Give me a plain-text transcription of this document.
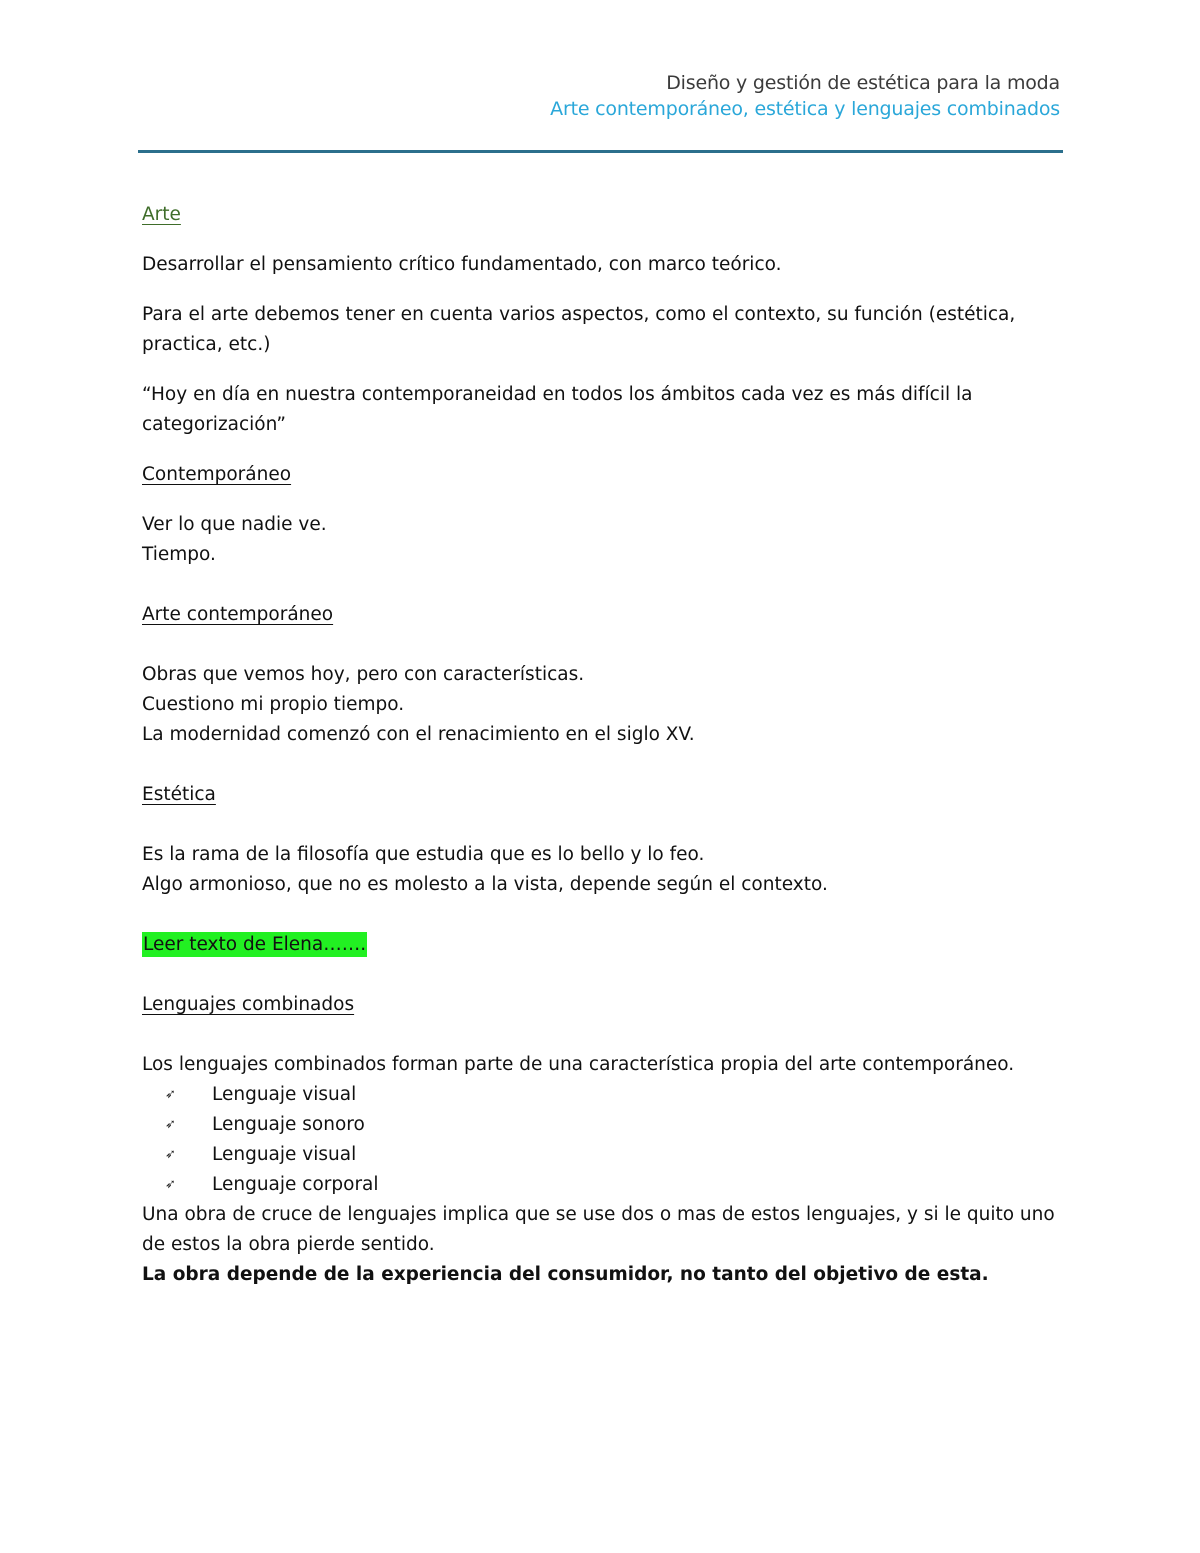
Diseño y gestión de estética para la moda
Arte contemporáneo, estética y lenguajes combinados

Arte

Desarrollar el pensamiento crítico fundamentado, con marco teórico.

Para el arte debemos tener en cuenta varios aspectos, como el contexto, su función (estética, practica, etc.)

“Hoy en día en nuestra contemporaneidad en todos los ámbitos cada vez es más difícil la categorización”

Contemporáneo

Ver lo que nadie ve.

Tiempo.

Arte contemporáneo

Obras que vemos hoy, pero con características.

Cuestiono mi propio tiempo.

La modernidad comenzó con el renacimiento en el siglo XV.

Estética

Es la rama de la filosofía que estudia que es lo bello y lo feo.

Algo armonioso, que no es molesto a la vista, depende según el contexto.

Leer texto de Elena…….

Lenguajes combinados

Los lenguajes combinados forman parte de una característica propia del arte contemporáneo.

➶ Lenguaje visual
➶ Lenguaje sonoro
➶ Lenguaje visual
➶ Lenguaje corporal

Una obra de cruce de lenguajes implica que se use dos o mas de estos lenguajes, y si le quito uno de estos la obra pierde sentido.

La obra depende de la experiencia del consumidor, no tanto del objetivo de esta.
